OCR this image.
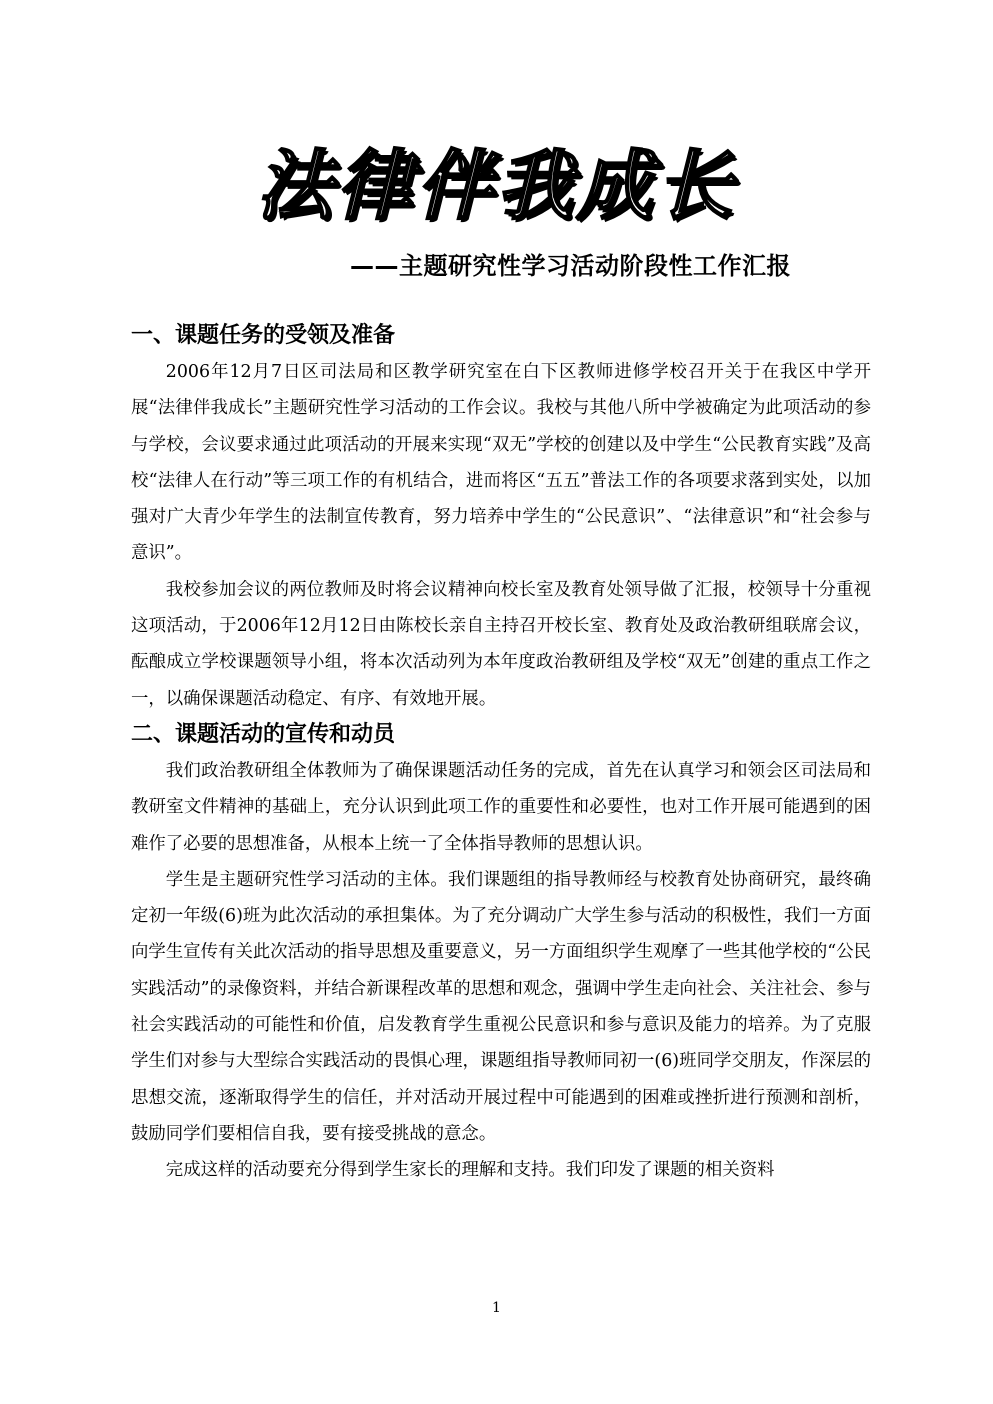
法律伴我成长
——主题研究性学习活动阶段性工作汇报
一、课题任务的受领及准备

2006年12月7日区司法局和区教学研究室在白下区教师进修学校召开关于在我区中学开展“法律伴我成长”主题研究性学习活动的工作会议。我校与其他八所中学被确定为此项活动的参与学校，会议要求通过此项活动的开展来实现“双无”学校的创建以及中学生“公民教育实践”及高校“法律人在行动”等三项工作的有机结合，进而将区“五五”普法工作的各项要求落到实处，以加强对广大青少年学生的法制宣传教育，努力培养中学生的“公民意识”、“法律意识”和“社会参与意识”。

我校参加会议的两位教师及时将会议精神向校长室及教育处领导做了汇报，校领导十分重视这项活动，于2006年12月12日由陈校长亲自主持召开校长室、教育处及政治教研组联席会议，酝酿成立学校课题领导小组，将本次活动列为本年度政治教研组及学校“双无”创建的重点工作之一，以确保课题活动稳定、有序、有效地开展。

二、课题活动的宣传和动员

我们政治教研组全体教师为了确保课题活动任务的完成，首先在认真学习和领会区司法局和教研室文件精神的基础上，充分认识到此项工作的重要性和必要性，也对工作开展可能遇到的困难作了必要的思想准备，从根本上统一了全体指导教师的思想认识。

学生是主题研究性学习活动的主体。我们课题组的指导教师经与校教育处协商研究，最终确定初一年级(6)班为此次活动的承担集体。为了充分调动广大学生参与活动的积极性，我们一方面向学生宣传有关此次活动的指导思想及重要意义，另一方面组织学生观摩了一些其他学校的“公民实践活动”的录像资料，并结合新课程改革的思想和观念，强调中学生走向社会、关注社会、参与社会实践活动的可能性和价值，启发教育学生重视公民意识和参与意识及能力的培养。为了克服学生们对参与大型综合实践活动的畏惧心理，课题组指导教师同初一(6)班同学交朋友，作深层的思想交流，逐渐取得学生的信任，并对活动开展过程中可能遇到的困难或挫折进行预测和剖析，鼓励同学们要相信自我，要有接受挑战的意念。

完成这样的活动要充分得到学生家长的理解和支持。我们印发了课题的相关资料

1
